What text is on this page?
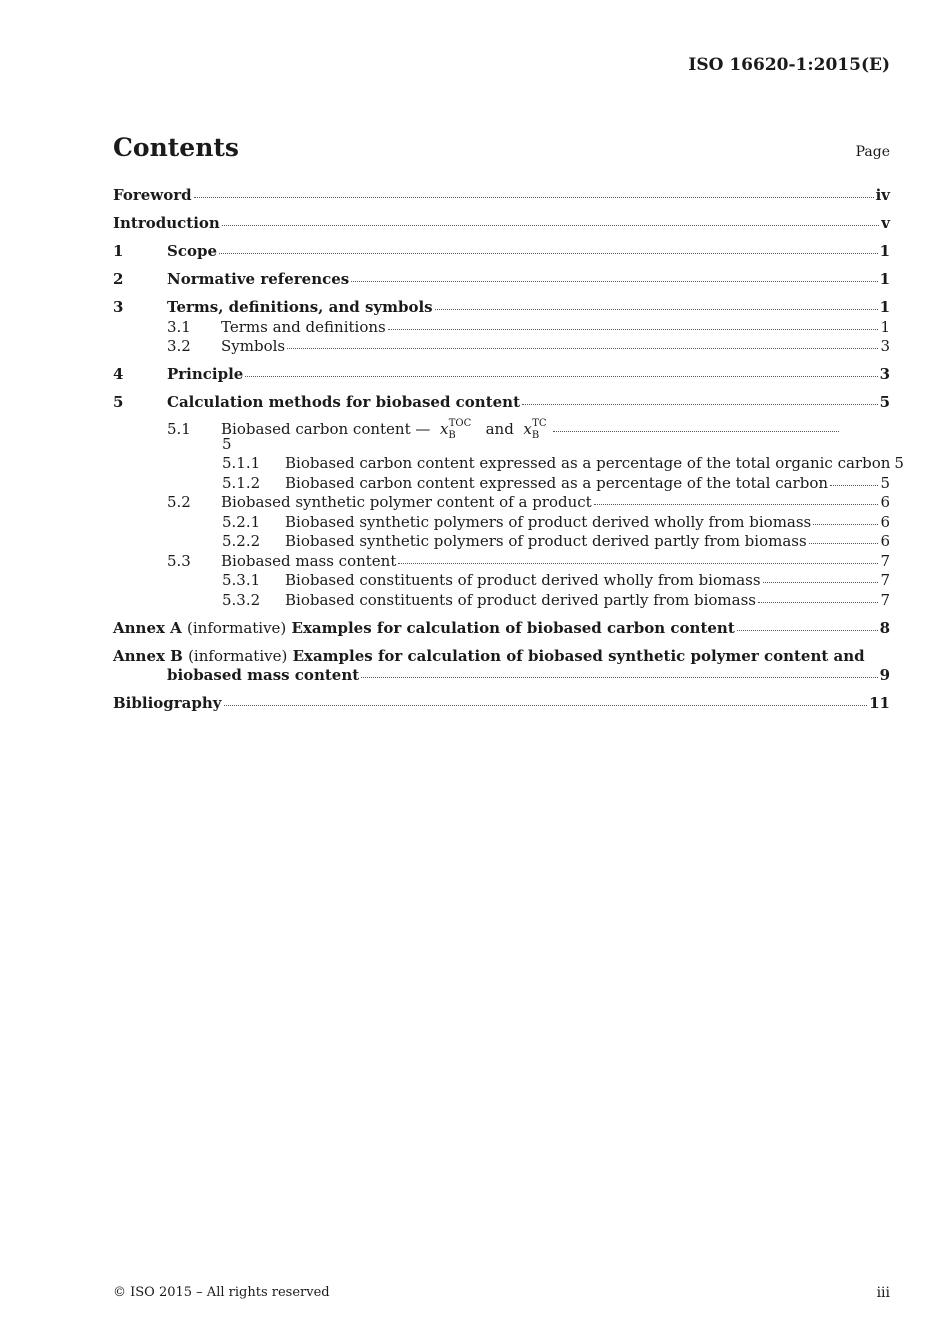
ISO 16620-1:2015(E)
Contents	Page
Foreword	iv
Introduction	v
1	Scope	1
2	Normative references	1
3	Terms, definitions, and symbols	1
3.1	Terms and definitions	1
3.2	Symbols	3
4	Principle	3
5	Calculation methods for biobased content	5
5.1	Biobased carbon content — $x_B^{TOC}$ and $x_B^{TC}$
5
5.1.1	Biobased carbon content expressed as a percentage of the total organic carbon 5
5.1.2	Biobased carbon content expressed as a percentage of the total carbon	5
5.2	Biobased synthetic polymer content of a product	6
5.2.1	Biobased synthetic polymers of product derived wholly from biomass	6
5.2.2	Biobased synthetic polymers of product derived partly from biomass	6
5.3	Biobased mass content	7
5.3.1	Biobased constituents of product derived wholly from biomass	7
5.3.2	Biobased constituents of product derived partly from biomass	7
Annex A (informative) Examples for calculation of biobased carbon content	8
Annex B (informative) Examples for calculation of biobased synthetic polymer content and
biobased mass content	9
Bibliography	11
© ISO 2015 – All rights reserved	iii
